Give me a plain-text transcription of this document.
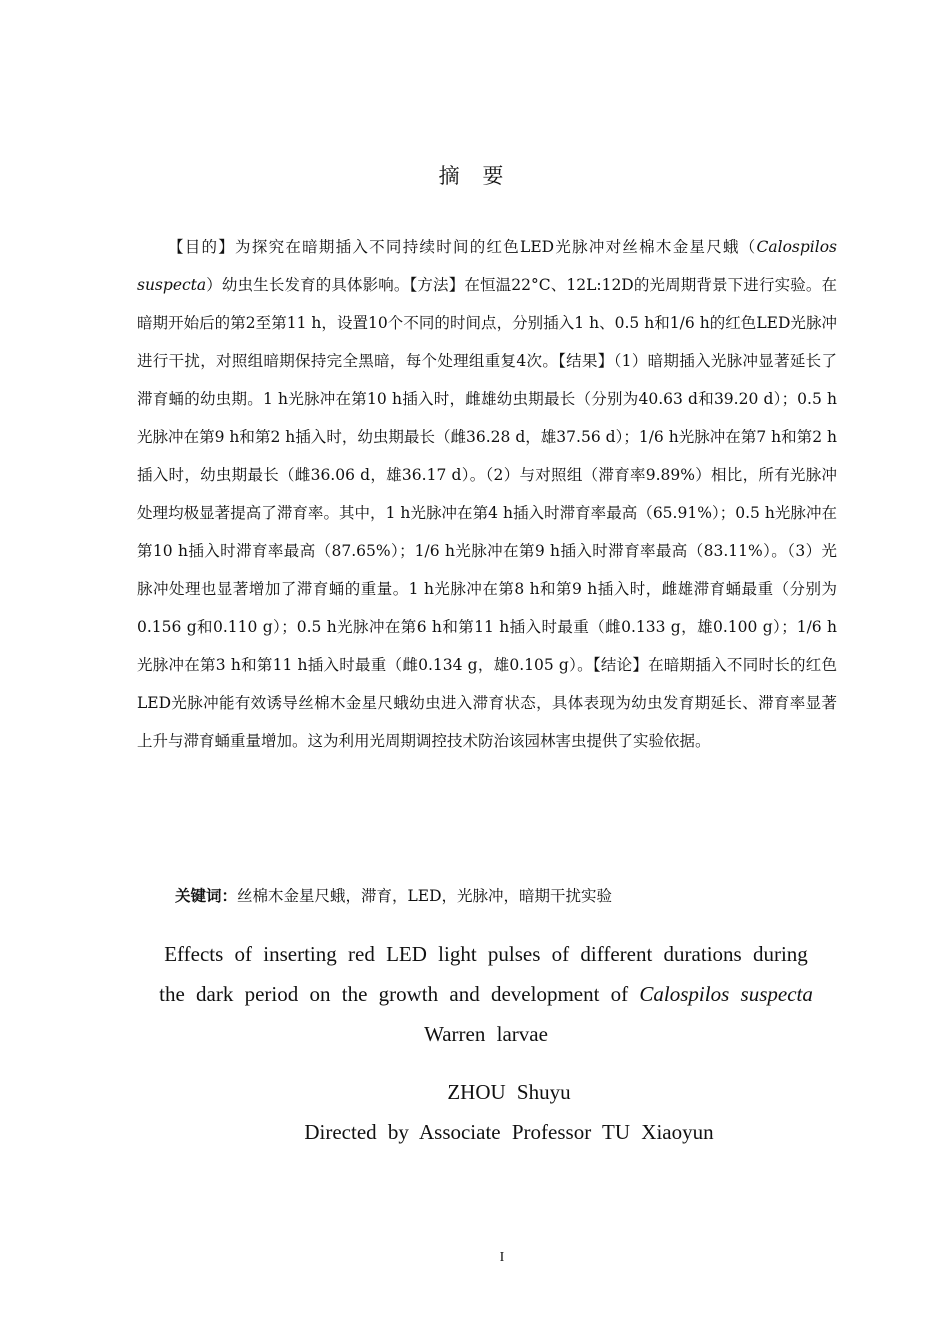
摘 要

【目的】为探究在暗期插入不同持续时间的红色LED光脉冲对丝棉木金星尺蛾（Calospilos suspecta）幼虫生长发育的具体影响。【方法】在恒温22°C、12L:12D的光周期背景下进行实验。在暗期开始后的第2至第11 h，设置10个不同的时间点，分别插入1 h、0.5 h和1/6 h的红色LED光脉冲进行干扰，对照组暗期保持完全黑暗，每个处理组重复4次。【结果】（1）暗期插入光脉冲显著延长了滞育蛹的幼虫期。1 h光脉冲在第10 h插入时，雌雄幼虫期最长（分别为40.63 d和39.20 d）；0.5 h光脉冲在第9 h和第2 h插入时，幼虫期最长（雌36.28 d，雄37.56 d）；1/6 h光脉冲在第7 h和第2 h插入时，幼虫期最长（雌36.06 d，雄36.17 d）。（2）与对照组（滞育率9.89%）相比，所有光脉冲处理均极显著提高了滞育率。其中，1 h光脉冲在第4 h插入时滞育率最高（65.91%）；0.5 h光脉冲在第10 h插入时滞育率最高（87.65%）；1/6 h光脉冲在第9 h插入时滞育率最高（83.11%）。（3）光脉冲处理也显著增加了滞育蛹的重量。1 h光脉冲在第8 h和第9 h插入时，雌雄滞育蛹最重（分别为0.156 g和0.110 g）；0.5 h光脉冲在第6 h和第11 h插入时最重（雌0.133 g，雄0.100 g）；1/6 h光脉冲在第3 h和第11 h插入时最重（雌0.134 g，雄0.105 g）。【结论】在暗期插入不同时长的红色LED光脉冲能有效诱导丝棉木金星尺蛾幼虫进入滞育状态，具体表现为幼虫发育期延长、滞育率显著上升与滞育蛹重量增加。这为利用光周期调控技术防治该园林害虫提供了实验依据。

关键词：丝棉木金星尺蛾，滞育，LED，光脉冲，暗期干扰实验
Effects of inserting red LED light pulses of different durations during the dark period on the growth and development of Calospilos suspecta Warren larvae
ZHOU Shuyu
Directed by Associate Professor TU Xiaoyun
I
